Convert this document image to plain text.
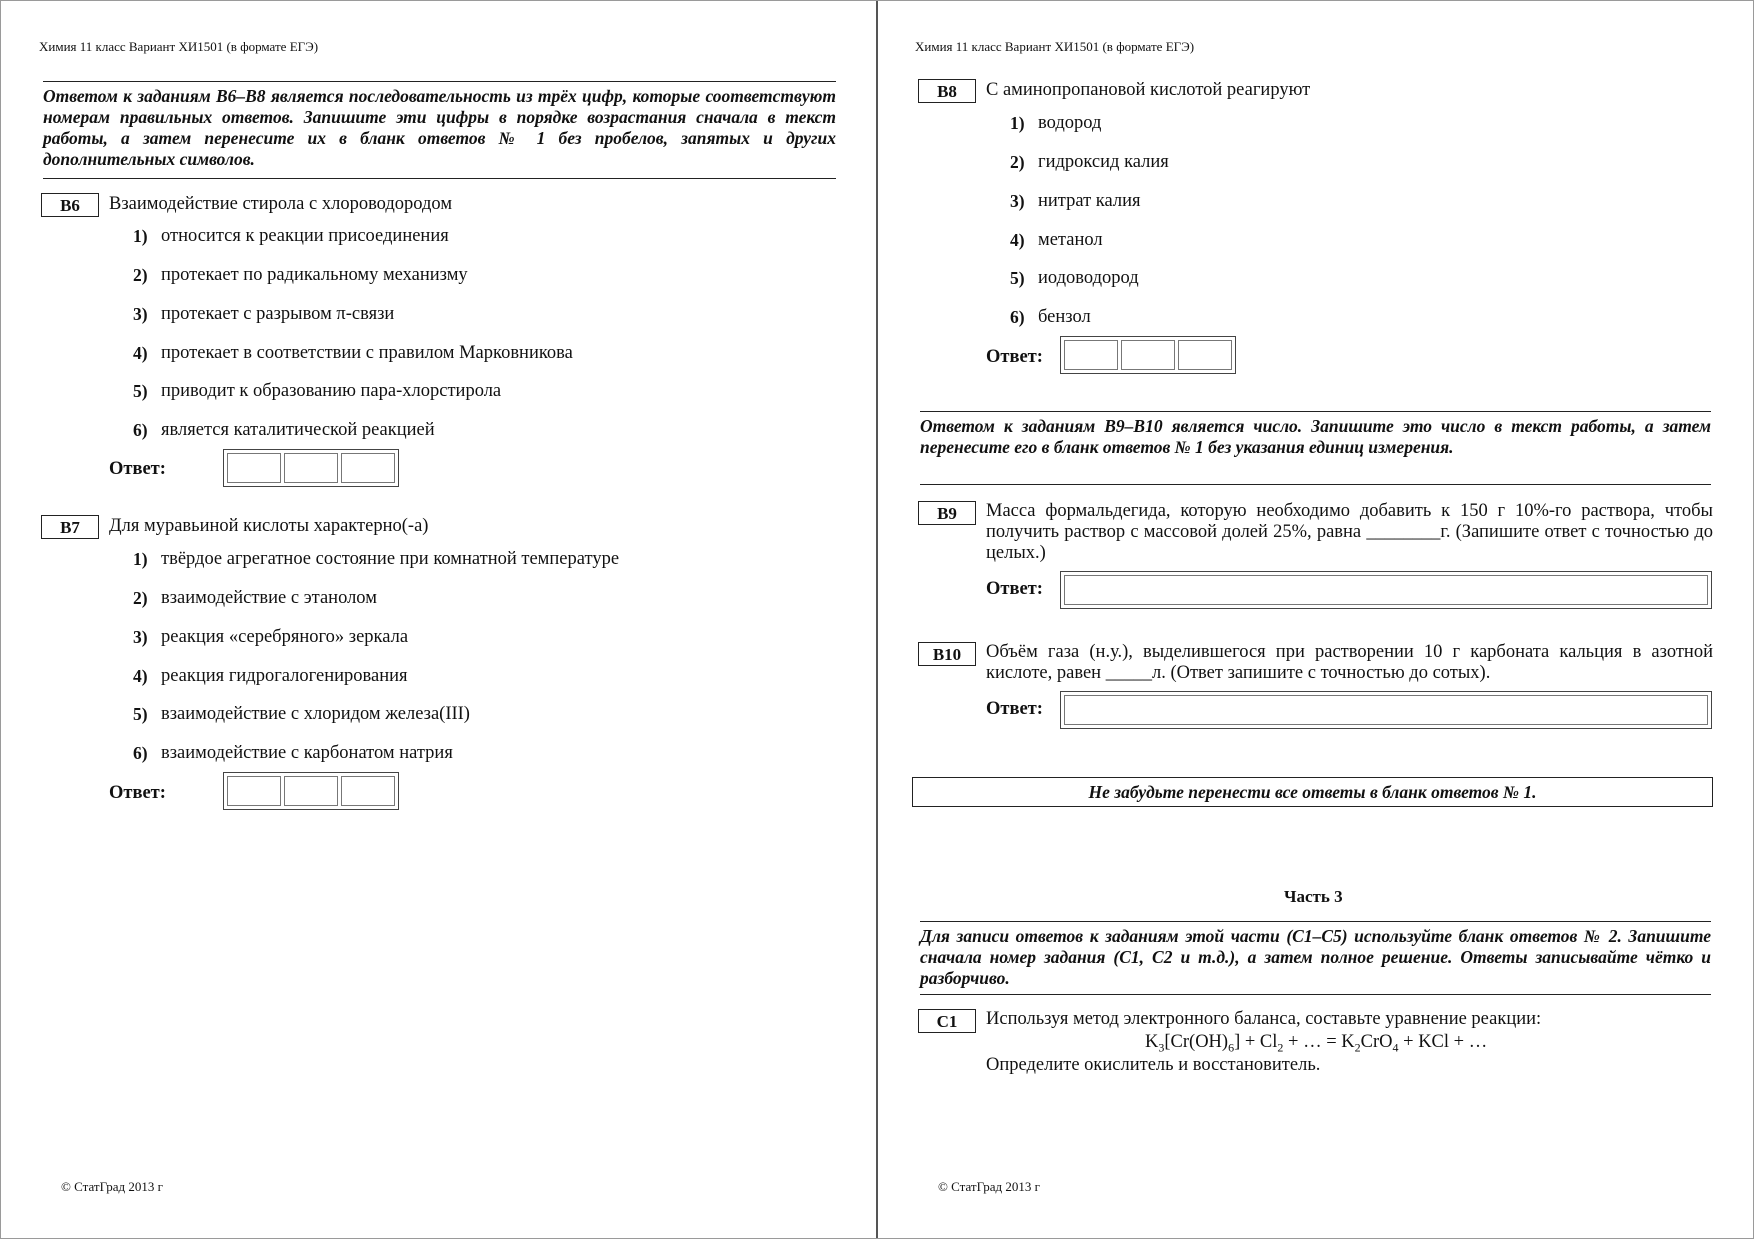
Химия 11 класс Вариант ХИ1501 (в формате ЕГЭ)
Ответом к заданиям В6–В8 является последовательность из трёх цифр, которые соответствуют номерам правильных ответов. Запишите эти цифры в порядке возрастания сначала в текст работы, а затем перенесите их в бланк ответов № 1 без пробелов, запятых и других дополнительных символов.
В6	Взаимодействие стирола с хлороводородом
1) относится к реакции присоединения
2) протекает по радикальному механизму
3) протекает с разрывом π-связи
4) протекает в соответствии с правилом Марковникова
5) приводит к образованию пара-хлорстирола
6) является каталитической реакцией
Ответ:
В7	Для муравьиной кислоты характерно(-а)
1) твёрдое агрегатное состояние при комнатной температуре
2) взаимодействие с этанолом
3) реакция «серебряного» зеркала
4) реакция гидрогалогенирования
5) взаимодействие с хлоридом железа(III)
6) взаимодействие с карбонатом натрия
Ответ:
© СтатГрад 2013 г
Химия 11 класс Вариант ХИ1501 (в формате ЕГЭ)
В8	С аминопропановой кислотой реагируют
1) водород
2) гидроксид калия
3) нитрат калия
4) метанол
5) иодоводород
6) бензол
Ответ:
Ответом к заданиям В9–В10 является число. Запишите это число в текст работы, а затем перенесите его в бланк ответов № 1 без указания единиц измерения.
В9	Масса формальдегида, которую необходимо добавить к 150 г 10%-го раствора, чтобы получить раствор с массовой долей 25%, равна ________г. (Запишите ответ с точностью до целых.)
Ответ:
В10	Объём газа (н.у.), выделившегося при растворении 10 г карбоната кальция в азотной кислоте, равен _____л. (Ответ запишите с точностью до сотых).
Ответ:
Не забудьте перенести все ответы в бланк ответов № 1.
Часть 3
Для записи ответов к заданиям этой части (С1–С5) используйте бланк ответов № 2. Запишите сначала номер задания (С1, С2 и т.д.), а затем полное решение. Ответы записывайте чётко и разборчиво.
С1	Используя метод электронного баланса, составьте уравнение реакции:
$K_3[Cr(OH)_6] + Cl_2$ + … = $K_2CrO_4$ + KCl + …
Определите окислитель и восстановитель.
© СтатГрад 2013 г
